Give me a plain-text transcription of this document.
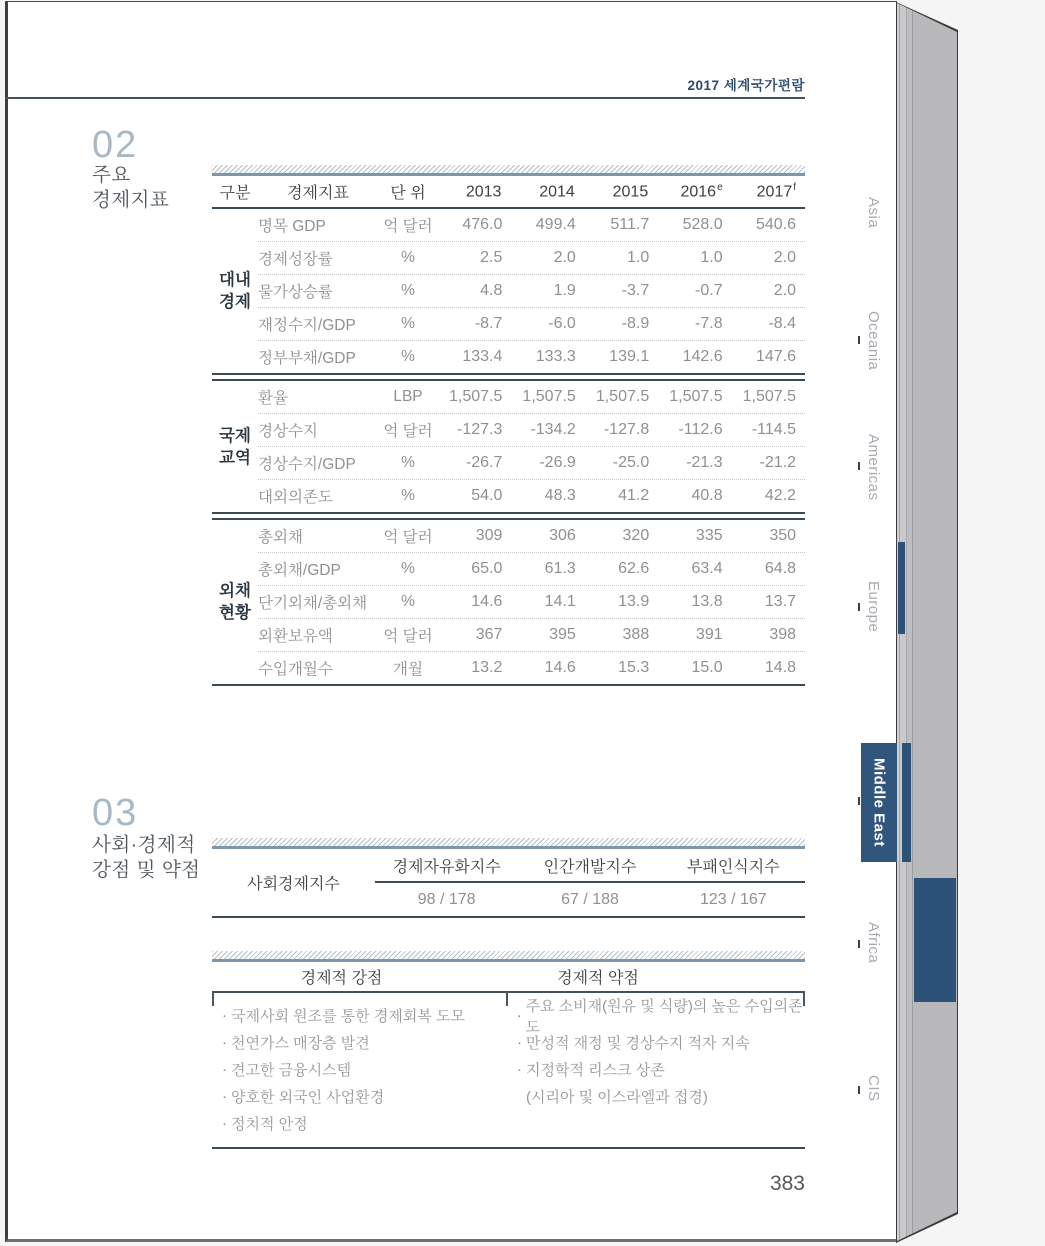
2017 세계국가편람
02
주요
경제지표	구분	경제지표	단 위	2013	2014	2015	2016e	2017$^f$
대내
경제
명목 GDP	억 달러	476.0	499.4	511.7	528.0	540.6
경제성장률	%	2.5	2.0	1.0	1.0	2.0
물가상승률	%	4.8	1.9	-3.7	-0.7	2.0
재정수지/GDP	%	-8.7	-6.0	-8.9	-7.8	-8.4
정부부채/GDP	%	133.4	133.3	139.1	142.6	147.6
국제
교역
환율	LBP	1,507.5	1,507.5	1,507.5	1,507.5	1,507.5
경상수지	억 달러	-127.3	-134.2	-127.8	-112.6	-114.5
경상수지/GDP	%	-26.7	-26.9	-25.0	-21.3	-21.2
대외의존도	%	54.0	48.3	41.2	40.8	42.2
외채
현황
총외채	억 달러	309	306	320	335	350
총외채/GDP	%	65.0	61.3	62.6	63.4	64.8
단기외채/총외채	%	14.6	14.1	13.9	13.8	13.7
외환보유액	억 달러	367	395	388	391	398
수입개월수	개월	13.2	14.6	15.3	15.0	14.8
03
사회·경제적
강점 및 약점
사회경제지수
경제자유화지수	인간개발지수	부패인식지수
98 / 178	67 / 188	123 / 167
경제적 강점	경제적 약점
· 국제사회 원조를 통한 경제회복 도모
· 천연가스 매장층 발견
· 견고한 금융시스템
· 양호한 외국인 사업환경
· 정치적 안정
·
주요 소비재(원유 및 식량)의 높은 수입의존도
· 만성적 재정 및 경상수지 적자 지속
· 지정학적 리스크 상존
(시리아 및 이스라엘과 접경)
Asia
Oceania
Americas
Europe
Middle East
Africa
CIS
383
